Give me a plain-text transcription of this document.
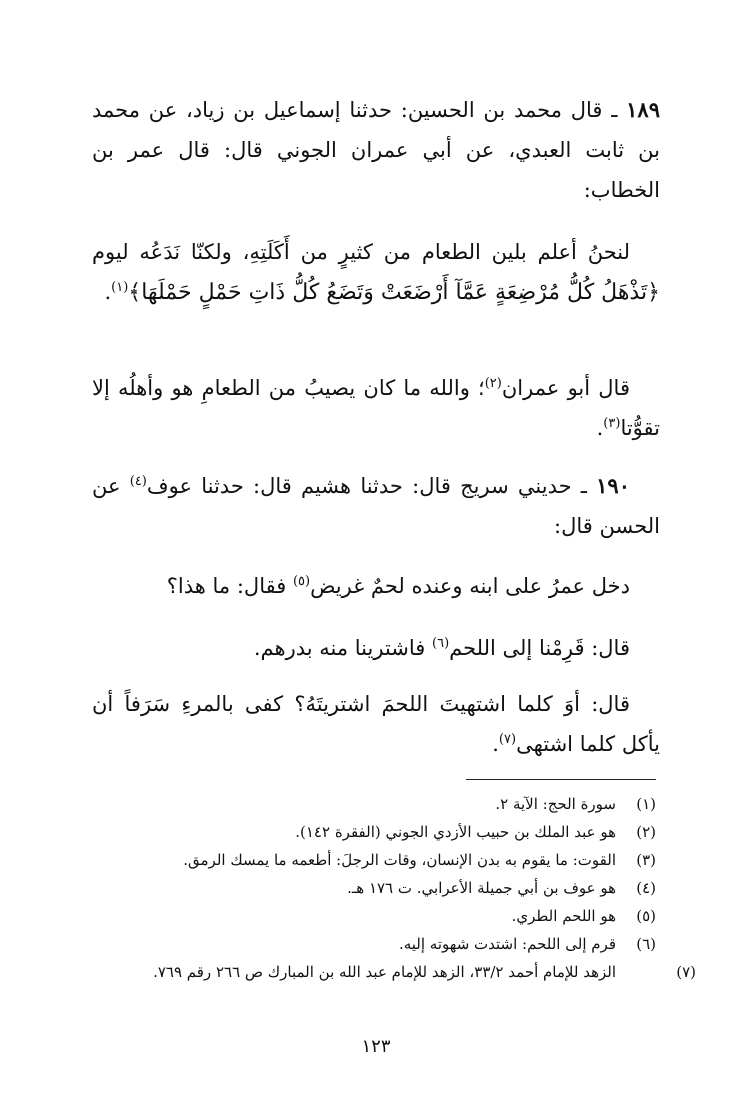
١٨٩ ـ قال محمد بن الحسين: حدثنا إسماعيل بن زياد، عن محمد بن ثابت العبدي، عن أبي عمران الجوني قال: قال عمر بن الخطاب:
لنحنُ أعلم بلين الطعام من كثيرٍ من أَكَلَتِهِ، ولكنّا نَدَعُه ليوم ﴿تَذْهَلُ كُلُّ مُرْضِعَةٍ عَمَّآ أَرْضَعَتْ وَتَضَعُ كُلُّ ذَاتِ حَمْلٍ حَمْلَهَا﴾$^{(١)}$.
قال أبو عمران$^{(٢)}$؛ والله ما كان يصيبُ من الطعامِ هو وأهلُه إلا تقوُّتا$^{(٣)}$.
١٩٠ ـ حديني سريج قال: حدثنا هشيم قال: حدثنا عوف$^{(٤)}$ عن الحسن قال:
دخل عمرُ على ابنه وعنده لحمٌ غريض$^{(٥)}$ فقال: ما هذا؟
قال: قَرِمْنا إلى اللحم$^{(٦)}$ فاشترينا منه بدرهم.
قال: أوَ كلما اشتهيتَ اللحمَ اشتريتَهُ؟ كفى بالمرءِ سَرَفاً أن يأكل كلما اشتهى$^{(٧)}$.
(١)سورة الحج: الآية ٢.
(٢)هو عبد الملك بن حبيب الأزدي الجوني (الفقرة ١٤٢).
(٣)القوت: ما يقوم به بدن الإنسان، وقات الرجلَ: أطعمه ما يمسك الرمق.
(٤)هو عوف بن أبي جميلة الأعرابي. ت ١٧٦ هـ.
(٥)هو اللحم الطري.
(٦)قرم إلى اللحم: اشتدت شهوته إليه.
(٧)الزهد للإمام أحمد ٣٣/٢، الزهد للإمام عبد الله بن المبارك ص ٢٦٦ رقم ٧٦٩.
١٢٣
